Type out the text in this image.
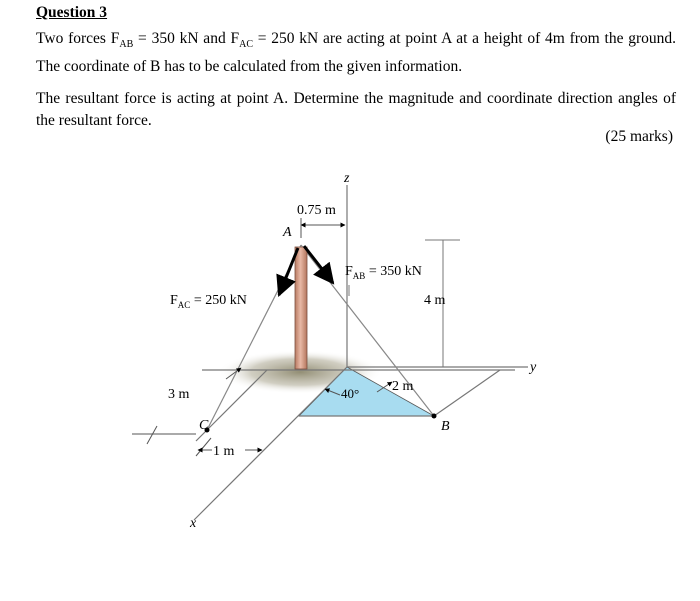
Question 3

Two forces $F_{AB} = 350$ kN and $F_{AC} = 250$ kN are acting at point A at a height of 4m from the ground. The coordinate of B has to be calculated from the given information.

The resultant force is acting at point A. Determine the magnitude and coordinate direction angles of the resultant force.

(25 marks)
z
y
x
4 m
0.75 m
A
$F_{AB} = 350$ kN
$F_{AC} = 250$ kN
3 m
C
1 m
40° 2 m
B
